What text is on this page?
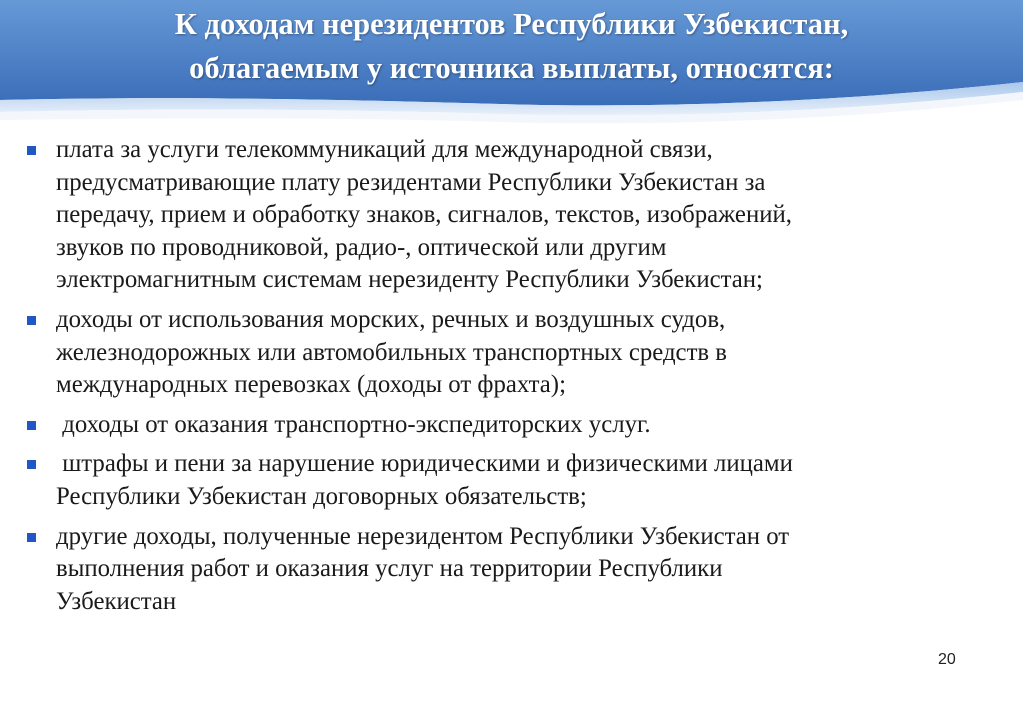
К доходам нерезидентов Республики Узбекистан,
облагаемым у источника выплаты, относятся:
плата за услуги телекоммуникаций для международной связи,
предусматривающие плату резидентами Республики Узбекистан за
передачу, прием и обработку знаков, сигналов, текстов, изображений,
звуков по проводниковой, радио-, оптической или другим
электромагнитным системам нерезиденту Республики Узбекистан;
доходы от использования морских, речных и воздушных судов,
железнодорожных или автомобильных транспортных средств в
международных перевозках (доходы от фрахта);
доходы от оказания транспортно-экспедиторских услуг.
штрафы и пени за нарушение юридическими и физическими лицами
Республики Узбекистан договорных обязательств;
другие доходы, полученные нерезидентом Республики Узбекистан от
выполнения работ и оказания услуг на территории Республики
Узбекистан
20
